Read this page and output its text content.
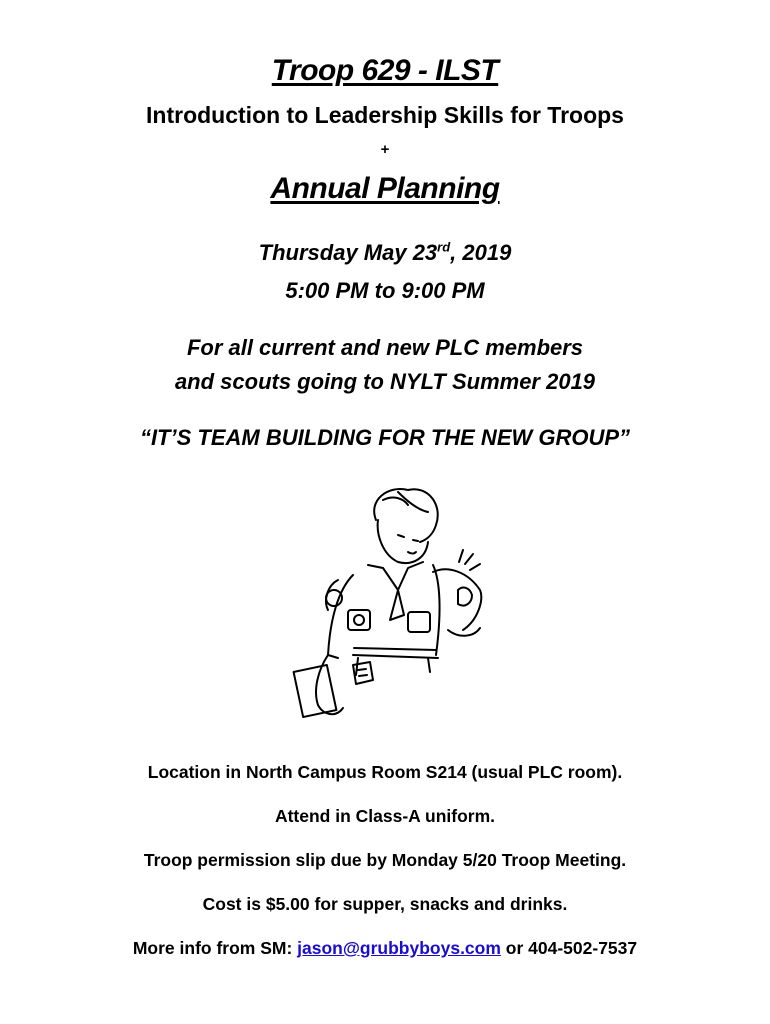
Troop 629 - ILST
Introduction to Leadership Skills for Troops
+
Annual Planning
Thursday May 23rd, 2019
5:00 PM to 9:00 PM
For all current and new PLC members
and scouts going to NYLT Summer 2019
“IT’S TEAM BUILDING FOR THE NEW GROUP”
Location in North Campus Room S214 (usual PLC room).
Attend in Class-A uniform.
Troop permission slip due by Monday 5/20 Troop Meeting.
Cost is $5.00 for supper, snacks and drinks.
More info from SM: jason@grubbyboys.com or 404-502-7537
